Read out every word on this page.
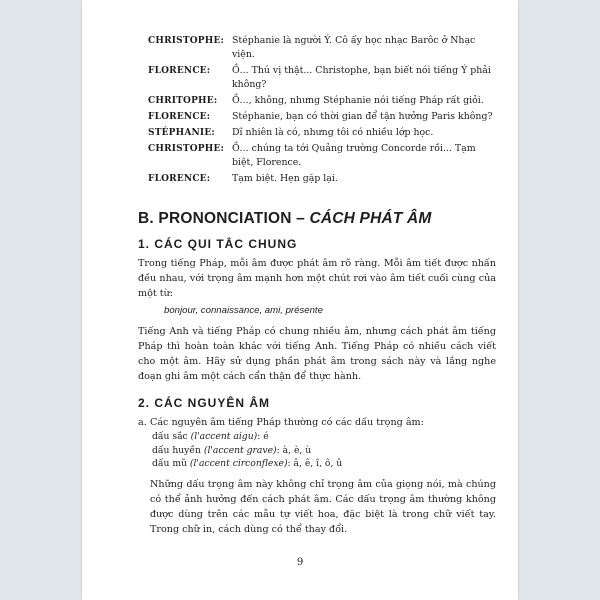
CHRISTOPHE: Stéphanie là người Ý. Cô ấy học nhạc Barôc ở Nhạc viện.
FLORENCE:	Ồ... Thú vị thật... Christophe, bạn biết nói tiếng Ý phải không?
CHRITOPHE:	Ồ..., không, nhưng Stéphanie nói tiếng Pháp rất giỏi.
FLORENCE:	Stéphanie, bạn có thời gian để tận hưởng Paris không?
STÉPHANIE:	Dĩ nhiên là có, nhưng tôi có nhiều lớp học.
CHRISTOPHE: Ồ... chúng ta tới Quảng trường Concorde rồi... Tạm biệt, Florence.
FLORENCE:	Tạm biệt. Hẹn gặp lại.
B. PRONONCIATION – CÁCH PHÁT ÂM
1. CÁC QUI TẮC CHUNG
Trong tiếng Pháp, mỗi âm được phát âm rõ ràng. Mỗi âm tiết được nhấn đều nhau, với trọng âm mạnh hơn một chút rơi vào âm tiết cuối cùng của một từ:
bonjour, connaissance, ami, présente
Tiếng Anh và tiếng Pháp có chung nhiều âm, nhưng cách phát âm tiếng Pháp thì hoàn toàn khác với tiếng Anh. Tiếng Pháp có nhiều cách viết cho một âm. Hãy sử dụng phần phát âm trong sách này và lắng nghe đoạn ghi âm một cách cẩn thận để thực hành.
2. CÁC NGUYÊN ÂM
a. Các nguyên âm tiếng Pháp thường có các dấu trọng âm:
dấu sắc (l'accent aigu): é
dấu huyền (l'accent grave): à, è, ù
dấu mũ (l'accent circonflexe): â, ê, î, ô, û
Những dấu trọng âm này không chỉ trọng âm của giọng nói, mà chúng có thể ảnh hưởng đến cách phát âm. Các dấu trọng âm thường không được dùng trên các mẫu tự viết hoa, đặc biệt là trong chữ viết tay. Trong chữ in, cách dùng có thể thay đổi.
9
